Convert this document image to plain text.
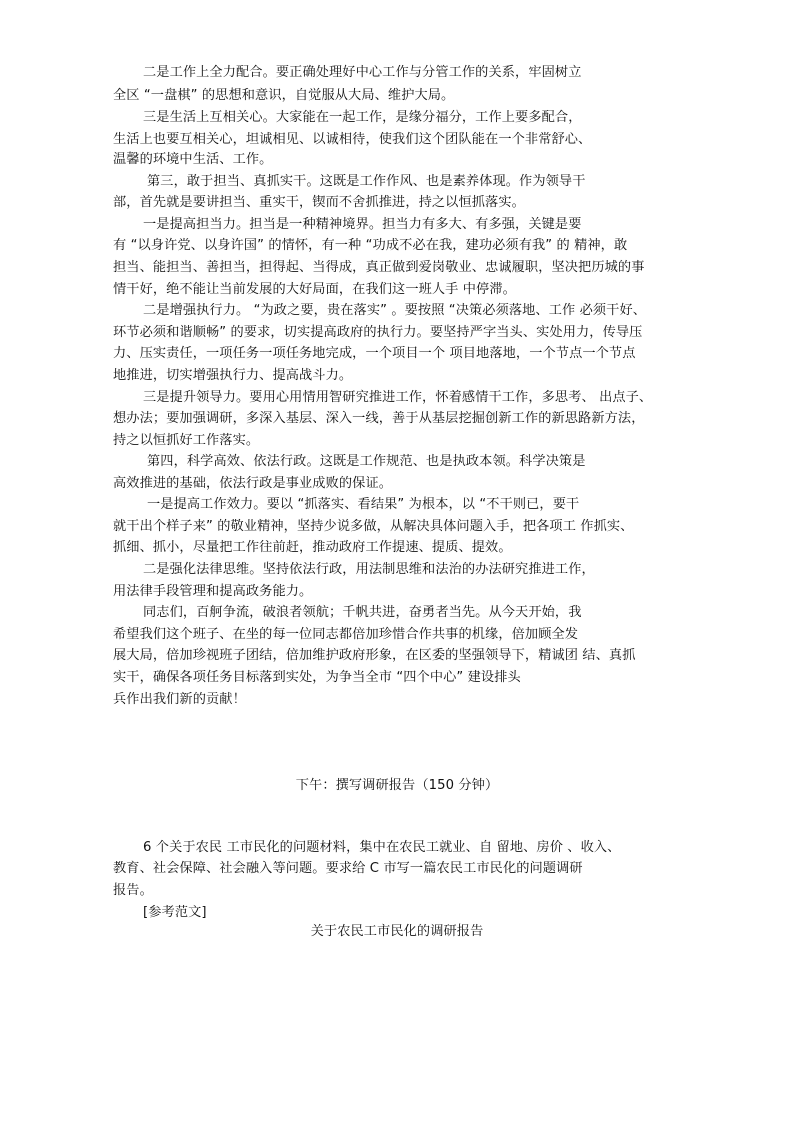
二是工作上全力配合。要正确处理好中心工作与分管工作的关系，牢固树立
全区 “一盘棋” 的思想和意识，自觉服从大局、维护大局。
三是生活上互相关心。大家能在一起工作，是缘分福分，工作上要多配合，
生活上也要互相关心，坦诚相见、以诚相待，使我们这个团队能在一个非常舒心、
温馨的环境中生活、工作。
第三，敢于担当、真抓实干。这既是工作作风、也是素养体现。作为领导干
部，首先就是要讲担当、重实干，锲而不舍抓推进，持之以恒抓落实。
一是提高担当力。担当是一种精神境界。担当力有多大、有多强，关键是要
有 “以身许党、以身许国” 的情怀，有一种 “功成不必在我，建功必须有我” 的 精神，敢
担当、能担当、善担当，担得起、当得成，真正做到爱岗敬业、忠诚履职，坚决把历城的事
情干好，绝不能让当前发展的大好局面，在我们这一班人手 中停滞。
二是增强执行力。 “为政之要，贵在落实” 。要按照 “决策必须落地、工作 必须干好、
环节必须和谐顺畅” 的要求，切实提高政府的执行力。要坚持严字当头、实处用力，传导压
力、压实责任，一项任务一项任务地完成，一个项目一个 项目地落地，一个节点一个节点
地推进，切实增强执行力、提高战斗力。
三是提升领导力。要用心用情用智研究推进工作，怀着感情干工作，多思考、 出点子、
想办法；要加强调研，多深入基层、深入一线，善于从基层挖掘创新工作的新思路新方法，
持之以恒抓好工作落实。
第四，科学高效、依法行政。这既是工作规范、也是执政本领。科学决策是
高效推进的基础，依法行政是事业成败的保证。
一是提高工作效力。要以 “抓落实、看结果” 为根本，以 “不干则已，要干
就干出个样子来” 的敬业精神，坚持少说多做，从解决具体问题入手，把各项工 作抓实、
抓细、抓小，尽量把工作往前赶，推动政府工作提速、提质、提效。
二是强化法律思维。坚持依法行政，用法制思维和法治的办法研究推进工作，
用法律手段管理和提高政务能力。
同志们，百舸争流，破浪者领航；千帆共进，奋勇者当先。从今天开始，我
希望我们这个班子、在坐的每一位同志都倍加珍惜合作共事的机缘，倍加顾全发
展大局，倍加珍视班子团结，倍加维护政府形象，在区委的坚强领导下，精诚团 结、真抓
实干，确保各项任务目标落到实处，为争当全市 “四个中心” 建设排头
兵作出我们新的贡献！
下午：撰写调研报告（150 分钟）
6 个关于农民 工市民化的问题材料，集中在农民工就业、自 留地、房价 、收入、
教育、社会保障、社会融入等问题。要求给 C 市写一篇农民工市民化的问题调研
报告。
[参考范文]
关于农民工市民化的调研报告
